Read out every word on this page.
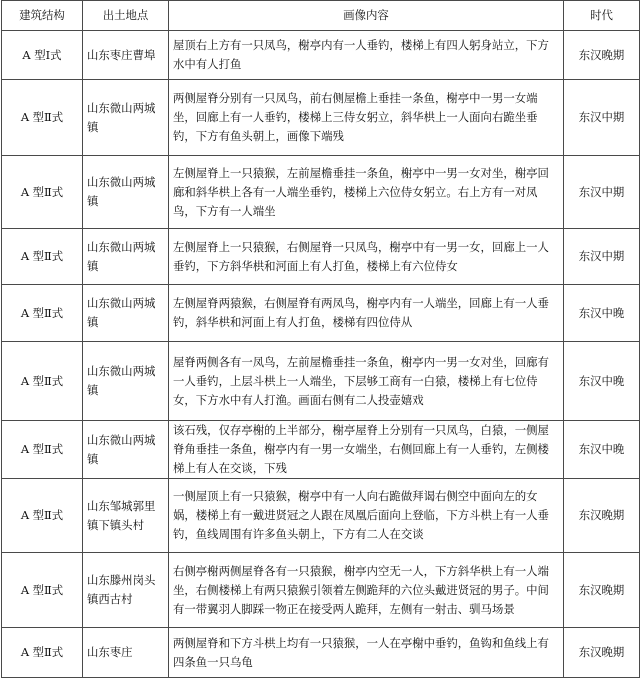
建筑结构	出土地点	画像内容	时代
A 型Ⅰ式	山东枣庄曹埠	屋顶右上方有一只凤鸟，榭亭内有一人垂钓，楼梯上有四人躬身站立，下方水中有人打鱼	东汉晚期
A 型Ⅱ式	山东微山两城镇	两侧屋脊分别有一只凤鸟，前右侧屋檐上垂挂一条鱼，榭亭中一男一女端坐，回廊上有一人垂钓，楼梯上三侍女躬立，斜华栱上一人面向右跪坐垂钓，下方有鱼头朝上，画像下端残	东汉中期
A 型Ⅱ式	山东微山两城镇	左侧屋脊上一只猿猴，左前屋檐垂挂一条鱼，榭亭中一男一女对坐，榭亭回廊和斜华栱上各有一人端坐垂钓，楼梯上六位侍女躬立。右上方有一对凤鸟，下方有一人端坐	东汉中期
A 型Ⅱ式	山东微山两城镇	左侧屋脊上一只猿猴，右侧屋脊一只凤鸟，榭亭中有一男一女，回廊上一人垂钓，下方斜华栱和河面上有人打鱼，楼梯上有六位侍女	东汉中期
A 型Ⅱ式	山东微山两城镇	左侧屋脊两猿猴，右侧屋脊有两凤鸟，榭亭内有一人端坐，回廊上有一人垂钓，斜华栱和河面上有人打鱼，楼梯有四位侍从	东汉中晚
A 型Ⅱ式	山东微山两城镇	屋脊两侧各有一凤鸟，左前屋檐垂挂一条鱼，榭亭内一男一女对坐，回廊有一人垂钓，上层斗栱上一人端坐，下层够工商有一白猿，楼梯上有七位侍女，下方水中有人打渔。画面右侧有二人投壶嬉戏	东汉中晚
A 型Ⅱ式	山东微山两城镇	该石残，仅存亭榭的上半部分，榭亭屋脊上分别有一只凤鸟，白猿，一侧屋脊角垂挂一条鱼，榭亭内有一男一女端坐，右侧回廊上有一人垂钓，左侧楼梯上有人在交谈，下残	东汉中晚
A 型Ⅱ式	山东邹城郭里镇下镇头村	一侧屋顶上有一只猿猴，榭亭中有一人向右跪做拜谒右侧空中面向左的女娲，楼梯上有一戴进贤冠之人跟在凤凰后面向上登临，下方斗栱上有一人垂钓，鱼线周围有许多鱼头朝上，下方有二人在交谈	东汉晚期
A 型Ⅱ式	山东滕州岗头镇西古村	右侧亭榭两侧屋脊各有一只猿猴，榭亭内空无一人，下方斜华栱上有一人端坐，右侧楼梯上有两只猿猴引领着左侧跪拜的六位头戴进贤冠的男子。中间有一带翼羽人脚踩一物正在接受两人跪拜，左侧有一射击、驯马场景	东汉晚期
A 型Ⅱ式	山东枣庄	两侧屋脊和下方斗栱上均有一只猿猴，一人在亭榭中垂钓，鱼钩和鱼线上有四条鱼一只乌龟	东汉晚期
